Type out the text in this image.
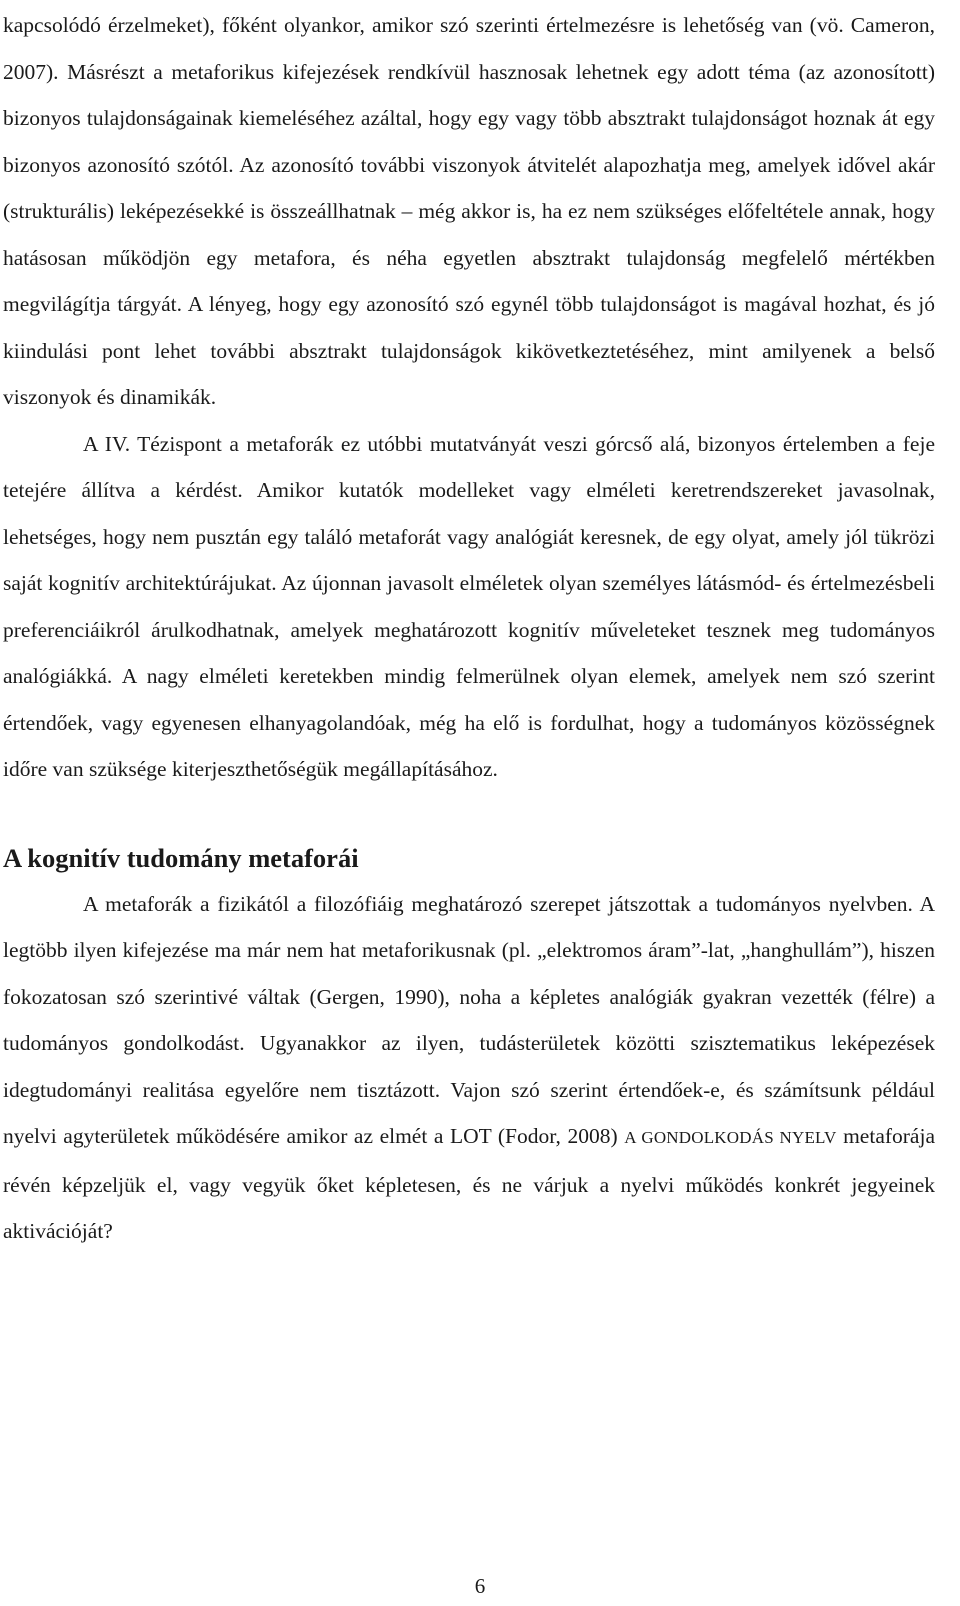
kapcsolódó érzelmeket), főként olyankor, amikor szó szerinti értelmezésre is lehetőség van (vö. Cameron, 2007). Másrészt a metaforikus kifejezések rendkívül hasznosak lehetnek egy adott téma (az azonosított) bizonyos tulajdonságainak kiemeléséhez azáltal, hogy egy vagy több absztrakt tulajdonságot hoznak át egy bizonyos azonosító szótól. Az azonosító további viszonyok átvitelét alapozhatja meg, amelyek idővel akár (strukturális) leképezésekké is összeállhatnak – még akkor is, ha ez nem szükséges előfeltétele annak, hogy hatásosan működjön egy metafora, és néha egyetlen absztrakt tulajdonság megfelelő mértékben megvilágítja tárgyát. A lényeg, hogy egy azonosító szó egynél több tulajdonságot is magával hozhat, és jó kiindulási pont lehet további absztrakt tulajdonságok kikövetkeztetéséhez, mint amilyenek a belső viszonyok és dinamikák.

A IV. Tézispont a metaforák ez utóbbi mutatványát veszi górcső alá, bizonyos értelemben a feje tetejére állítva a kérdést. Amikor kutatók modelleket vagy elméleti keretrendszereket javasolnak, lehetséges, hogy nem pusztán egy találó metaforát vagy analógiát keresnek, de egy olyat, amely jól tükrözi saját kognitív architektúrájukat. Az újonnan javasolt elméletek olyan személyes látásmód- és értelmezésbeli preferenciáikról árulkodhatnak, amelyek meghatározott kognitív műveleteket tesznek meg tudományos analógiákká. A nagy elméleti keretekben mindig felmerülnek olyan elemek, amelyek nem szó szerint értendőek, vagy egyenesen elhanyagolandóak, még ha elő is fordulhat, hogy a tudományos közösségnek időre van szüksége kiterjeszthetőségük megállapításához.

A kognitív tudomány metaforái

A metaforák a fizikától a filozófiáig meghatározó szerepet játszottak a tudományos nyelvben. A legtöbb ilyen kifejezése ma már nem hat metaforikusnak (pl. „elektromos áram”-lat, „hanghullám”), hiszen fokozatosan szó szerintivé váltak (Gergen, 1990), noha a képletes analógiák gyakran vezették (félre) a tudományos gondolkodást. Ugyanakkor az ilyen, tudásterületek közötti szisztematikus leképezések idegtudományi realitása egyelőre nem tisztázott. Vajon szó szerint értendőek-e, és számítsunk például nyelvi agyterületek működésére amikor az elmét a LOT (Fodor, 2008) A GONDOLKODÁS NYELV metaforája révén képzeljük el, vagy vegyük őket képletesen, és ne várjuk a nyelvi működés konkrét jegyeinek aktivációját?

6
